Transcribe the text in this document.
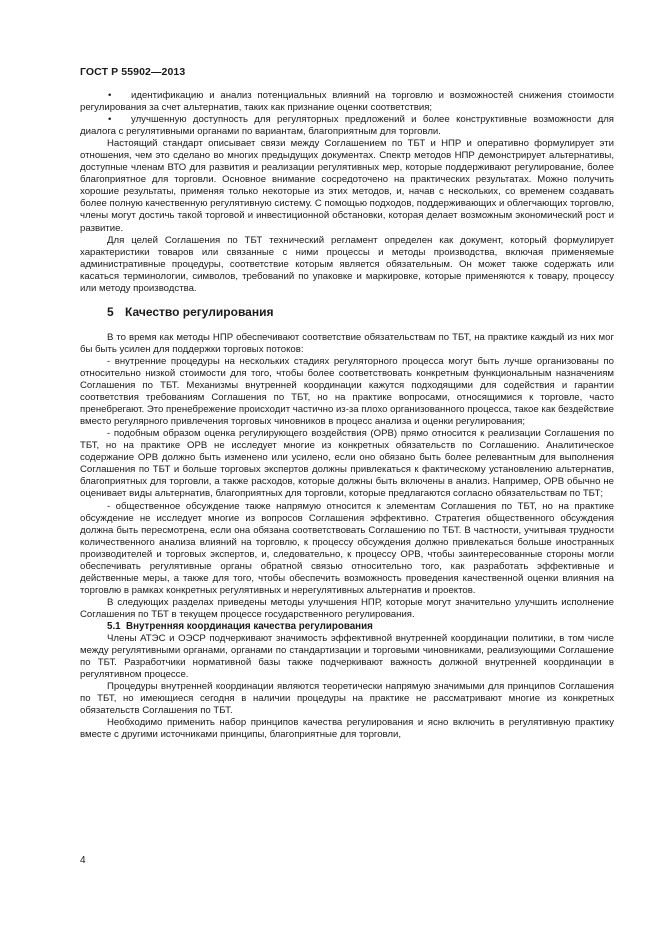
ГОСТ Р 55902—2013

• идентификацию и анализ потенциальных влияний на торговлю и возможностей снижения стоимости регулирования за счет альтернатив, таких как признание оценки соответствия;

• улучшенную доступность для регуляторных предложений и более конструктивные возможности для диалога с регулятивными органами по вариантам, благоприятным для торговли.

Настоящий стандарт описывает связи между Соглашением по ТБТ и НПР и оперативно формулирует эти отношения, чем это сделано во многих предыдущих документах. Спектр методов НПР демонстрирует альтернативы, доступные членам ВТО для развития и реализации регулятивных мер, которые поддерживают регулирование, более благоприятное для торговли. Основное внимание сосредоточено на практических результатах. Можно получить хорошие результаты, применяя только некоторые из этих методов, и, начав с нескольких, со временем создавать более полную качественную регулятивную систему. С помощью подходов, поддерживающих и облегчающих торговлю, члены могут достичь такой торговой и инвестиционной обстановки, которая делает возможным экономический рост и развитие.

Для целей Соглашения по ТБТ технический регламент определен как документ, который формулирует характеристики товаров или связанные с ними процессы и методы производства, включая применяемые административные процедуры, соответствие которым является обязательным. Он может также содержать или касаться терминологии, символов, требований по упаковке и маркировке, которые применяются к товару, процессу или методу производства.

5 Качество регулирования

В то время как методы НПР обеспечивают соответствие обязательствам по ТБТ, на практике каждый из них мог бы быть усилен для поддержки торговых потоков:

- внутренние процедуры на нескольких стадиях регуляторного процесса могут быть лучше организованы по относительно низкой стоимости для того, чтобы более соответствовать конкретным функциональным назначениям Соглашения по ТБТ. Механизмы внутренней координации кажутся подходящими для содействия и гарантии соответствия требованиям Соглашения по ТБТ, но на практике вопросами, относящимися к торговле, часто пренебрегают. Это пренебрежение происходит частично из-за плохо организованного процесса, такое как бездействие вместо регулярного привлечения торговых чиновников в процесс анализа и оценки регулирования;

- подобным образом оценка регулирующего воздействия (ОРВ) прямо относится к реализации Соглашения по ТБТ, но на практике ОРВ не исследует многие из конкретных обязательств по Соглашению. Аналитическое содержание ОРВ должно быть изменено или усилено, если оно обязано быть более релевантным для выполнения Соглашения по ТБТ и больше торговых экспертов должны привлекаться к фактическому установлению альтернатив, благоприятных для торговли, а также расходов, которые должны быть включены в анализ. Например, ОРВ обычно не оценивает виды альтернатив, благоприятных для торговли, которые предлагаются согласно обязательствам по ТБТ;

- общественное обсуждение также напрямую относится к элементам Соглашения по ТБТ, но на практике обсуждение не исследует многие из вопросов Соглашения эффективно. Стратегия общественного обсуждения должна быть пересмотрена, если она обязана соответствовать Соглашению по ТБТ. В частности, учитывая трудности количественного анализа влияний на торговлю, к процессу обсуждения должно привлекаться больше иностранных производителей и торговых экспертов, и, следовательно, к процессу ОРВ, чтобы заинтересованные стороны могли обеспечивать регулятивные органы обратной связью относительно того, как разработать эффективные и действенные меры, а также для того, чтобы обеспечить возможность проведения качественной оценки влияния на торговлю в рамках конкретных регулятивных и нерегулятивных альтернатив и проектов.

В следующих разделах приведены методы улучшения НПР, которые могут значительно улучшить исполнение Соглашения по ТБТ в текущем процессе государственного регулирования.

5.1 Внутренняя координация качества регулирования

Члены АТЭС и ОЭСР подчеркивают значимость эффективной внутренней координации политики, в том числе между регулятивными органами, органами по стандартизации и торговыми чиновниками, реализующими Соглашение по ТБТ. Разработчики нормативной базы также подчеркивают важность должной внутренней координации в регулятивном процессе.

Процедуры внутренней координации являются теоретически напрямую значимыми для принципов Соглашения по ТБТ, но имеющиеся сегодня в наличии процедуры на практике не рассматривают многие из конкретных обязательств Соглашения по ТБТ.

Необходимо применить набор принципов качества регулирования и ясно включить в регулятивную практику вместе с другими источниками принципы, благоприятные для торговли,

4
